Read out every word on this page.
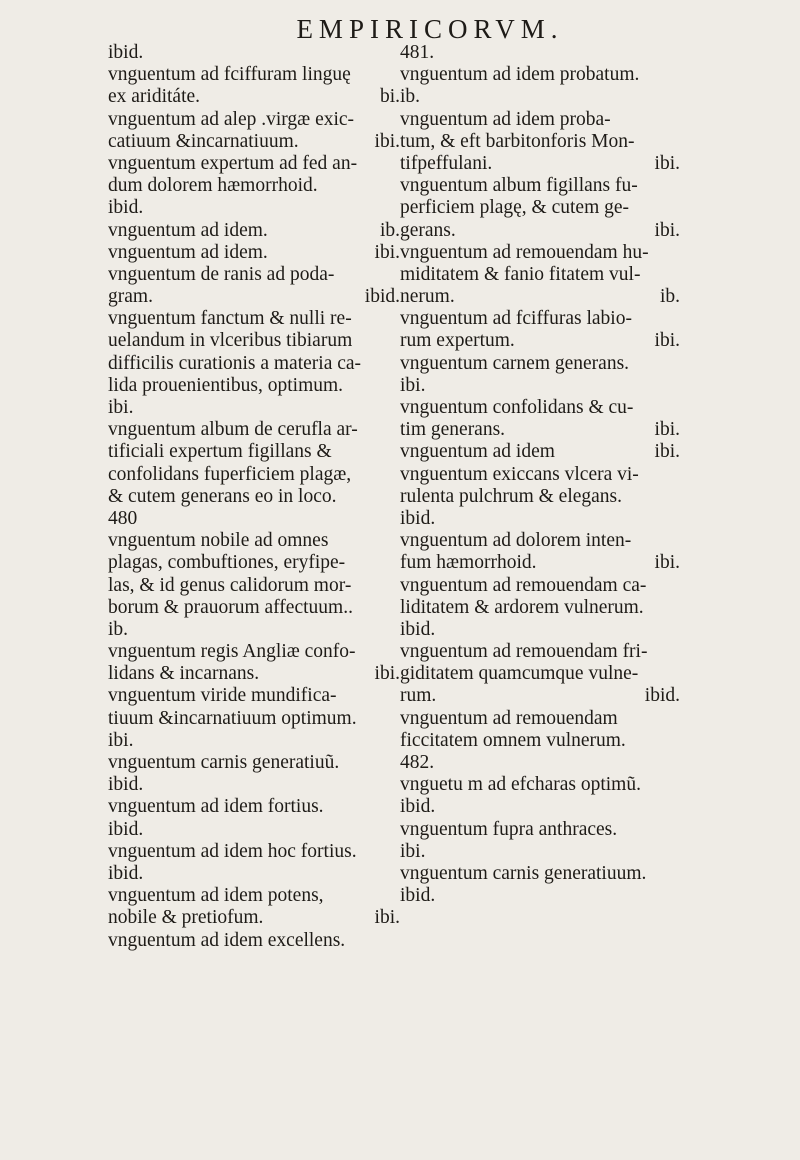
EMPIRICORVM.
ibid.
vnguentum ad fciffuram linguę
ex ariditáte.	bi.
vnguentum ad alep .virgæ exic-
catiuum &incarnatiuum.	ibi.
vnguentum expertum ad fed an-
dum dolorem hæmorrhoid.
ibid.
vnguentum ad idem.	ib.
vnguentum ad idem.	ibi.
vnguentum de ranis ad poda-
gram.	ibid.
vnguentum fanctum & nulli re-
uelandum in vlceribus tibiarum
difficilis curationis a materia ca-
lida prouenientibus, optimum.
ibi.
vnguentum album de cerufla ar-
tificiali expertum figillans &
confolidans fuperficiem plagæ,
& cutem generans eo in loco.
480
vnguentum nobile ad omnes
plagas, combuftiones, eryfipe-
las, & id genus calidorum mor-
borum & prauorum affectuum..
ib.
vnguentum regis Angliæ confo-
lidans & incarnans.	ibi.
vnguentum viride mundifica-
tiuum &incarnatiuum optimum.
ibi.
vnguentum carnis generatiuũ.
ibid.
vnguentum ad idem fortius.
ibid.
vnguentum ad idem hoc fortius.
ibid.
vnguentum ad idem potens,
nobile & pretiofum.	ibi.
vnguentum ad idem excellens.
481.
vnguentum ad idem probatum.
ib.
vnguentum ad idem proba-
tum, & eft barbitonforis Mon-
tifpeffulani.	ibi.
vnguentum album figillans fu-
perficiem plagę, & cutem ge-
gerans.	ibi.
vnguentum ad remouendam hu-
miditatem & fanio fitatem vul-
nerum.	ib.
vnguentum ad fciffuras labio-
rum expertum.	ibi.
vnguentum carnem generans.
ibi.
vnguentum confolidans & cu-
tim generans.	ibi.
vnguentum ad idem	ibi.
vnguentum exiccans vlcera vi-
rulenta pulchrum & elegans.
ibid.
vnguentum ad dolorem inten-
fum hæmorrhoid.	ibi.
vnguentum ad remouendam ca-
liditatem & ardorem vulnerum.
ibid.
vnguentum ad remouendam fri-
giditatem quamcumque vulne-
rum.	ibid.
vnguentum ad remouendam
ficcitatem omnem vulnerum.
482.
vnguetu m ad efcharas optimũ.
ibid.
vnguentum fupra anthraces.
ibi.
vnguentum carnis generatiuum.
ibid.
